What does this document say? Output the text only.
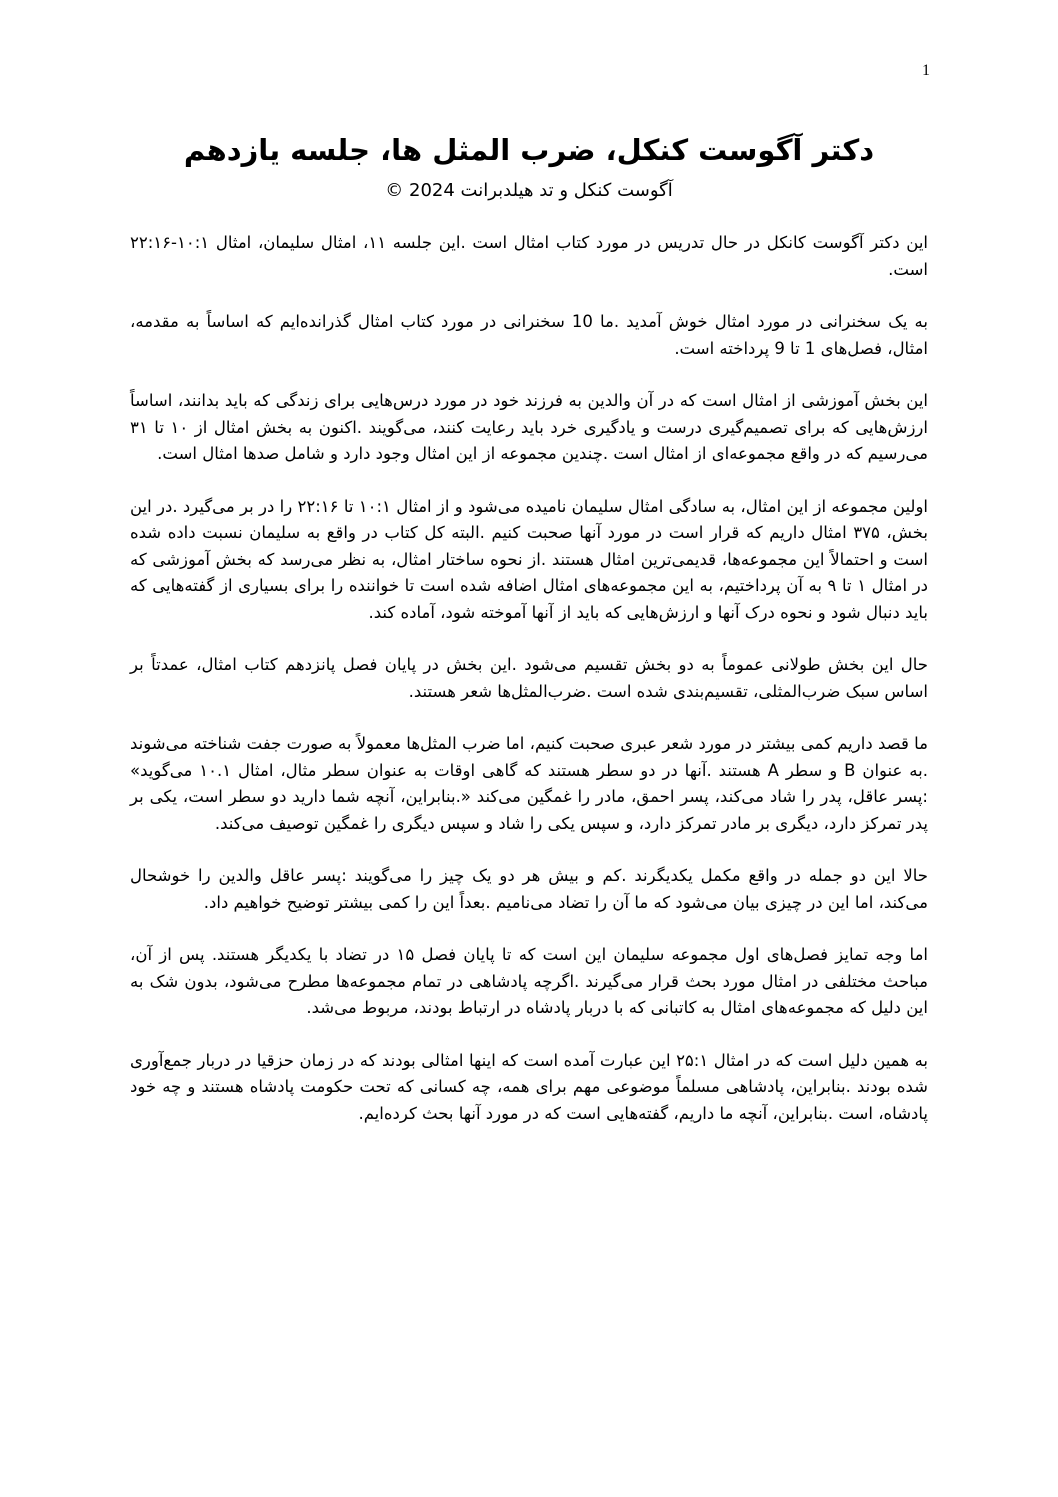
1
دکتر آگوست کنکل، ضرب المثل ها، جلسه یازدهم
آگوست کنکل و تد هیلدبرانت 2024 ©

این دکتر آگوست کانکل در حال تدریس در مورد کتاب امثال است .این جلسه ۱۱، امثال سلیمان، امثال ۱۰:۱-۲۲:۱۶ است.

به یک سخنرانی در مورد امثال خوش آمدید .ما 10 سخنرانی در مورد کتاب امثال گذرانده‌ایم که اساساً به مقدمه، امثال، فصل‌های 1 تا 9 پرداخته است.

این بخش آموزشی از امثال است که در آن والدین به فرزند خود در مورد درس‌هایی برای زندگی که باید بدانند، اساساً ارزش‌هایی که برای تصمیم‌گیری درست و یادگیری خرد باید رعایت کنند، می‌گویند .اکنون به بخش امثال از ۱۰ تا ۳۱ می‌رسیم که در واقع مجموعه‌ای از امثال است .چندین مجموعه از این امثال وجود دارد و شامل صدها امثال است.

اولین مجموعه از این امثال، به سادگی امثال سلیمان نامیده می‌شود و از امثال ۱۰:۱ تا ۲۲:۱۶ را در بر می‌گیرد .در این بخش، ۳۷۵ امثال داریم که قرار است در مورد آنها صحبت کنیم .البته کل کتاب در واقع به سلیمان نسبت داده شده است و احتمالاً این مجموعه‌ها، قدیمی‌ترین امثال هستند .از نحوه ساختار امثال، به نظر می‌رسد که بخش آموزشی که در امثال ۱ تا ۹ به آن پرداختیم، به این مجموعه‌های امثال اضافه شده است تا خواننده را برای بسیاری از گفته‌هایی که باید دنبال شود و نحوه درک آنها و ارزش‌هایی که باید از آنها آموخته شود، آماده کند.

حال این بخش طولانی عموماً به دو بخش تقسیم می‌شود .این بخش در پایان فصل پانزدهم کتاب امثال، عمدتاً بر اساس سبک ضرب‌المثلی، تقسیم‌بندی شده است .ضرب‌المثل‌ها شعر هستند.

ما قصد داریم کمی بیشتر در مورد شعر عبری صحبت کنیم، اما ضرب المثل‌ها معمولاً به صورت جفت شناخته می‌شوند .به عنوان B و سطر A هستند .آنها در دو سطر هستند که گاهی اوقات به عنوان سطر مثال، امثال ۱۰.۱ می‌گوید» :پسر عاقل، پدر را شاد می‌کند، پسر احمق، مادر را غمگین می‌کند «.بنابراین، آنچه شما دارید دو سطر است، یکی بر پدر تمرکز دارد، دیگری بر مادر تمرکز دارد، و سپس یکی را شاد و سپس دیگری را غمگین توصیف می‌کند.

حالا این دو جمله در واقع مکمل یکدیگرند .کم و بیش هر دو یک چیز را می‌گویند :پسر عاقل والدین را خوشحال می‌کند، اما این در چیزی بیان می‌شود که ما آن را تضاد می‌نامیم .بعداً این را کمی بیشتر توضیح خواهیم داد.

اما وجه تمایز فصل‌های اول مجموعه سلیمان این است که تا پایان فصل ۱۵ در تضاد با یکدیگر هستند. پس از آن، مباحث مختلفی در امثال مورد بحث قرار می‌گیرند .اگرچه پادشاهی در تمام مجموعه‌ها مطرح می‌شود، بدون شک به این دلیل که مجموعه‌های امثال به کاتبانی که با دربار پادشاه در ارتباط بودند، مربوط می‌شد.

به همین دلیل است که در امثال ۲۵:۱ این عبارت آمده است که اینها امثالی بودند که در زمان حزقیا در دربار جمع‌آوری شده بودند .بنابراین، پادشاهی مسلماً موضوعی مهم برای همه، چه کسانی که تحت حکومت پادشاه هستند و چه خود پادشاه، است .بنابراین، آنچه ما داریم، گفته‌هایی است که در مورد آنها بحث کرده‌ایم.
